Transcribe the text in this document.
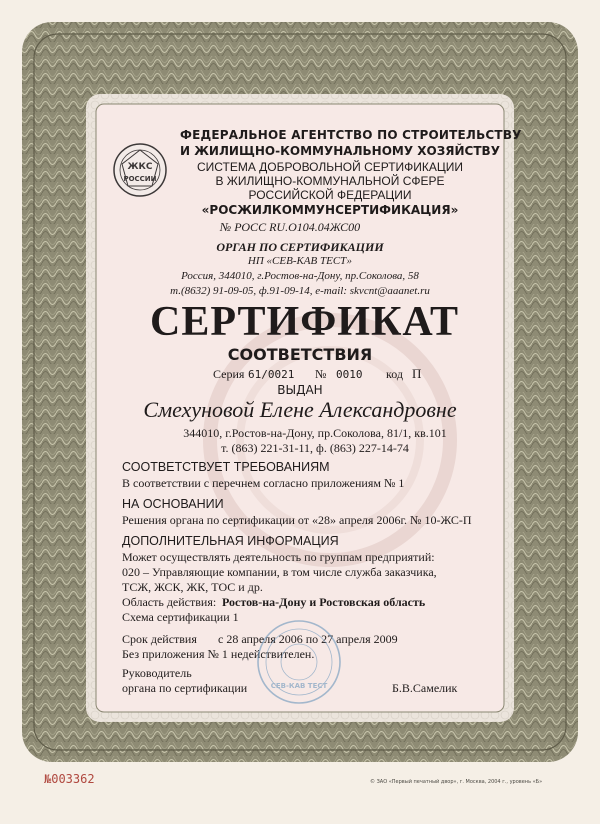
ЖКС
РОССИИ

ФЕДЕРАЛЬНОЕ АГЕНТСТВО ПО СТРОИТЕЛЬСТВУ

И ЖИЛИЩНО-КОММУНАЛЬНОМУ ХОЗЯЙСТВУ

СИСТЕМА ДОБРОВОЛЬНОЙ СЕРТИФИКАЦИИ

В ЖИЛИЩНО-КОММУНАЛЬНОЙ СФЕРЕ

РОССИЙСКОЙ ФЕДЕРАЦИИ

«РОСЖИЛКОММУНСЕРТИФИКАЦИЯ»

№ РОСС RU.О104.04ЖС00

ОРГАН ПО СЕРТИФИКАЦИИ

НП «СЕВ-КАВ ТЕСТ»

Россия, 344010, г.Ростов-на-Дону, пр.Соколова, 58

т.(8632) 91-09-05, ф.91-09-14, e-mail: skvcnt@aaanet.ru

СЕРТИФИКАТ

СООТВЕТСТВИЯ

Серия 61/0021 № 0010 код П

ВЫДАН

Смехуновой Елене Александровне

344010, г.Ростов-на-Дону, пр.Соколова, 81/1, кв.101

т. (863) 221-31-11, ф. (863) 227-14-74

СООТВЕТСТВУЕТ ТРЕБОВАНИЯМ

В соответствии с перечнем согласно приложениям № 1

НА ОСНОВАНИИ

Решения органа по сертификации от «28» апреля 2006г. № 10-ЖС-П

ДОПОЛНИТЕЛЬНАЯ ИНФОРМАЦИЯ

Может осуществлять деятельность по группам предприятий:

020 – Управляющие компании, в том числе служба заказчика,

ТСЖ, ЖСК, ЖК, ТОС и др.

Область действия: Ростов-на-Дону и Ростовская область

Схема сертификации 1

Срок действия с 28 апреля 2006 по 27 апреля 2009

Без приложения № 1 недействителен.

СЕВ-КАВ ТЕСТ

Руководитель

органа по сертификации	Б.В.Самелик

№003362	© ЗАО «Первый печатный двор», г. Москва, 2004 г., уровень «Б»
